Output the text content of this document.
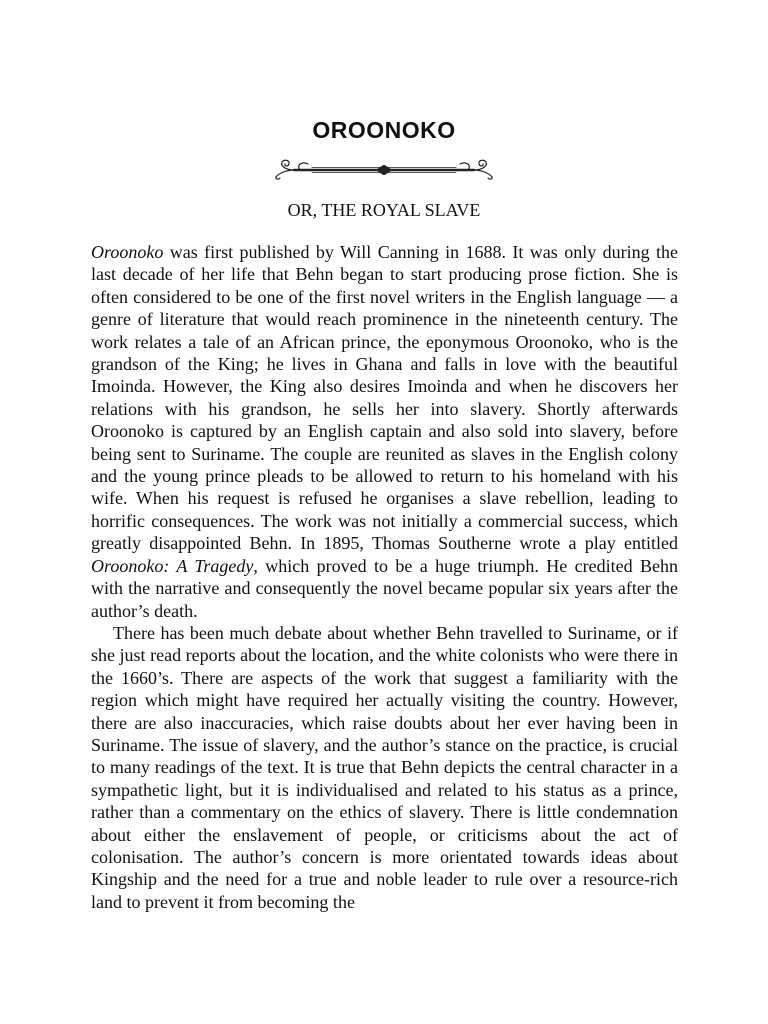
OROONOKO
OR, THE ROYAL SLAVE

Oroonoko was first published by Will Canning in 1688. It was only during the last decade of her life that Behn began to start producing prose fiction. She is often considered to be one of the first novel writers in the English language — a genre of literature that would reach prominence in the nineteenth century. The work relates a tale of an African prince, the eponymous Oroonoko, who is the grandson of the King; he lives in Ghana and falls in love with the beautiful Imoinda. However, the King also desires Imoinda and when he discovers her relations with his grandson, he sells her into slavery. Shortly afterwards Oroonoko is captured by an English captain and also sold into slavery, before being sent to Suriname. The couple are reunited as slaves in the English colony and the young prince pleads to be allowed to return to his homeland with his wife. When his request is refused he organises a slave rebellion, leading to horrific consequences. The work was not initially a commercial success, which greatly disappointed Behn. In 1895, Thomas Southerne wrote a play entitled Oroonoko: A Tragedy, which proved to be a huge triumph. He credited Behn with the narrative and consequently the novel became popular six years after the author’s death.

There has been much debate about whether Behn travelled to Suriname, or if she just read reports about the location, and the white colonists who were there in the 1660’s. There are aspects of the work that suggest a familiarity with the region which might have required her actually visiting the country. However, there are also inaccuracies, which raise doubts about her ever having been in Suriname. The issue of slavery, and the author’s stance on the practice, is crucial to many readings of the text. It is true that Behn depicts the central character in a sympathetic light, but it is individualised and related to his status as a prince, rather than a commentary on the ethics of slavery. There is little condemnation about either the enslavement of people, or criticisms about the act of colonisation. The author’s concern is more orientated towards ideas about Kingship and the need for a true and noble leader to rule over a resource-rich land to prevent it from becoming the
